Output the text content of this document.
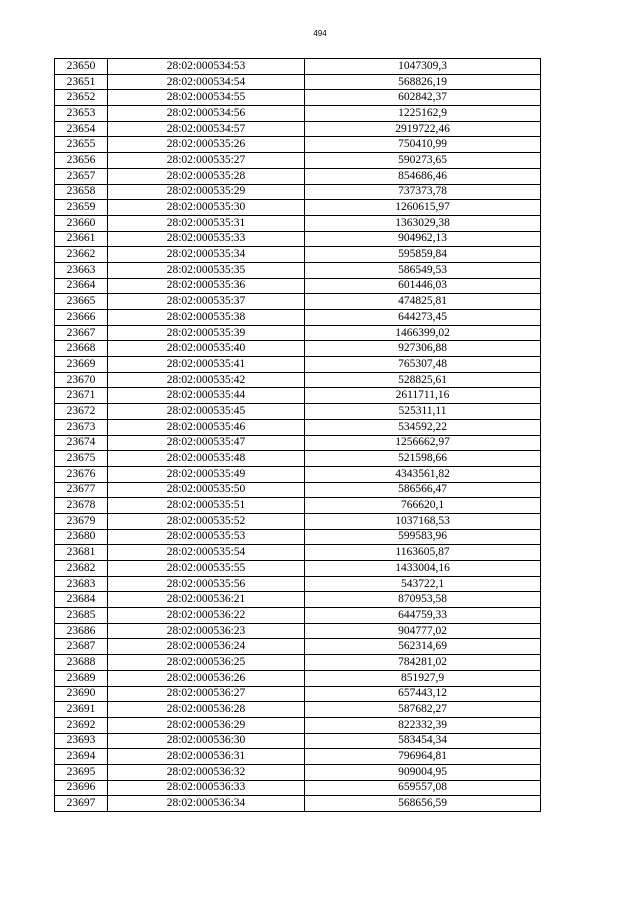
494
23650	28:02:000534:53	1047309,3
23651	28:02:000534:54	568826,19
23652	28:02:000534:55	602842,37
23653	28:02:000534:56	1225162,9
23654	28:02:000534:57	2919722,46
23655	28:02:000535:26	750410,99
23656	28:02:000535:27	590273,65
23657	28:02:000535:28	854686,46
23658	28:02:000535:29	737373,78
23659	28:02:000535:30	1260615,97
23660	28:02:000535:31	1363029,38
23661	28:02:000535:33	904962,13
23662	28:02:000535:34	595859,84
23663	28:02:000535:35	586549,53
23664	28:02:000535:36	601446,03
23665	28:02:000535:37	474825,81
23666	28:02:000535:38	644273,45
23667	28:02:000535:39	1466399,02
23668	28:02:000535:40	927306,88
23669	28:02:000535:41	765307,48
23670	28:02:000535:42	528825,61
23671	28:02:000535:44	2611711,16
23672	28:02:000535:45	525311,11
23673	28:02:000535:46	534592,22
23674	28:02:000535:47	1256662,97
23675	28:02:000535:48	521598,66
23676	28:02:000535:49	4343561,82
23677	28:02:000535:50	586566,47
23678	28:02:000535:51	766620,1
23679	28:02:000535:52	1037168,53
23680	28:02:000535:53	599583,96
23681	28:02:000535:54	1163605,87
23682	28:02:000535:55	1433004,16
23683	28:02:000535:56	543722,1
23684	28:02:000536:21	870953,58
23685	28:02:000536:22	644759,33
23686	28:02:000536:23	904777,02
23687	28:02:000536:24	562314,69
23688	28:02:000536:25	784281,02
23689	28:02:000536:26	851927,9
23690	28:02:000536:27	657443,12
23691	28:02:000536:28	587682,27
23692	28:02:000536:29	822332,39
23693	28:02:000536:30	583454,34
23694	28:02:000536:31	796964,81
23695	28:02:000536:32	909004,95
23696	28:02:000536:33	659557,08
23697	28:02:000536:34	568656,59
